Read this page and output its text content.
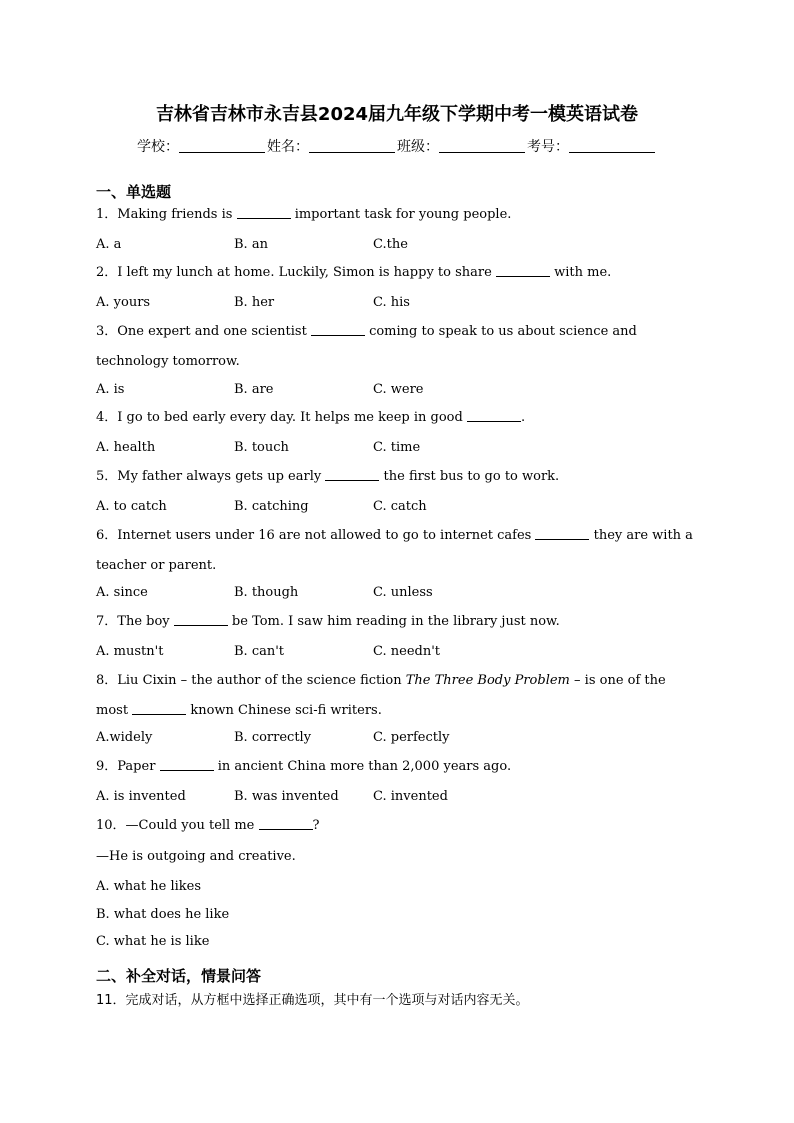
吉林省吉林市永吉县2024届九年级下学期中考一模英语试卷
学校：	姓名：	班级：	考号：
一、单选题
1．Making friends is	important task for young people.
A. a	B. an	C.the
2．I left my lunch at home. Luckily, Simon is happy to share	with me.
A. yours	B. her	C. his
3．One expert and one scientist	coming to speak to us about science and technology tomorrow.
A. is	B. are	C. were
4．I go to bed early every day. It helps me keep in good	.
A. health	B. touch	C. time
5．My father always gets up early	the first bus to go to work.
A. to catch	B. catching	C. catch
6．Internet users under 16 are not allowed to go to internet cafes	they are with a teacher or parent.
A. since	B. though	C. unless
7．The boy	be Tom. I saw him reading in the library just now.
A. mustn't	B. can't	C. needn't
8．Liu Cixin – the author of the science fiction The Three Body Problem – is one of the most	known Chinese sci-fi writers.
A.widely	B. correctly	C. perfectly
9．Paper	in ancient China more than 2,000 years ago.
A. is invented	B. was invented	C. invented
10．—Could you tell me	?
—He is outgoing and creative.
A. what he likes
B. what does he like
C. what he is like
二、补全对话，情景问答
11．完成对话，从方框中选择正确选项，其中有一个选项与对话内容无关。
